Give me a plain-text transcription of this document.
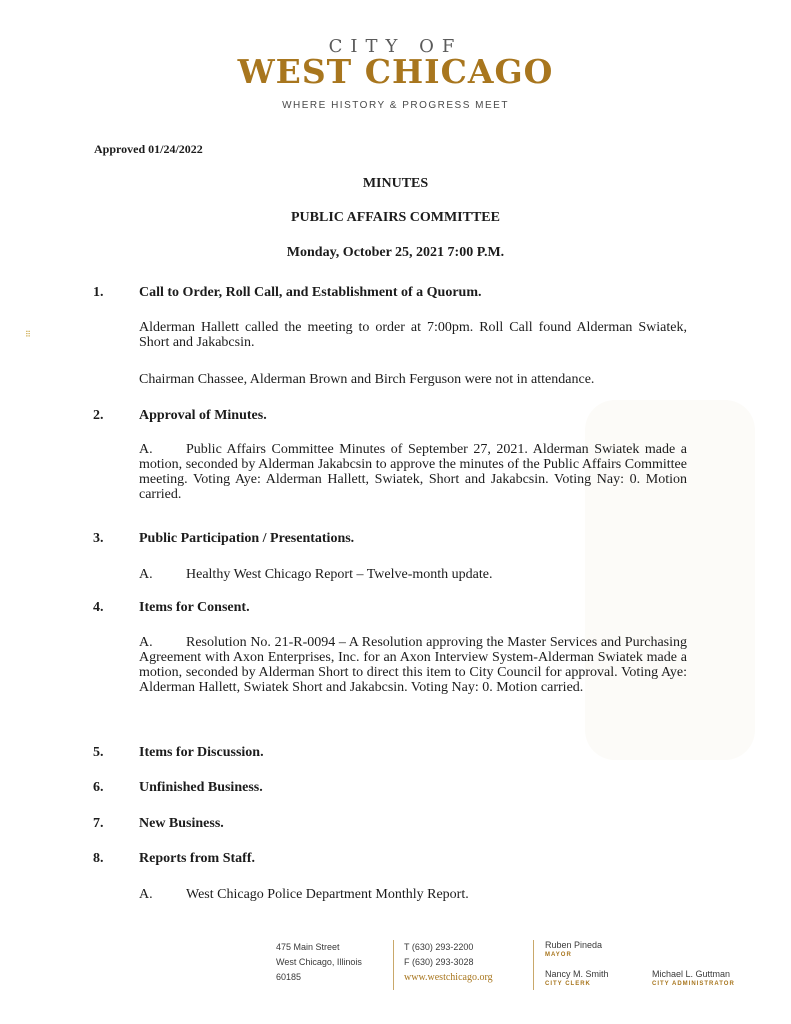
⠿
CITY OF
WEST CHICAGO
WHERE HISTORY & PROGRESS MEET
Approved 01/24/2022
MINUTES
PUBLIC AFFAIRS COMMITTEE
Monday, October 25, 2021 7:00 P.M.
1.	Call to Order, Roll Call, and Establishment of a Quorum.
Alderman Hallett called the meeting to order at 7:00pm. Roll Call found Alderman Swiatek, Short and Jakabcsin.
Chairman Chassee, Alderman Brown and Birch Ferguson were not in attendance.
2.	Approval of Minutes.
A. Public Affairs Committee Minutes of September 27, 2021. Alderman Swiatek made a motion, seconded by Alderman Jakabcsin to approve the minutes of the Public Affairs Committee meeting. Voting Aye: Alderman Hallett, Swiatek, Short and Jakabcsin. Voting Nay: 0. Motion carried.
3.	Public Participation / Presentations.
A. Healthy West Chicago Report – Twelve-month update.
4.	Items for Consent.
A. Resolution No. 21-R-0094 – A Resolution approving the Master Services and Purchasing Agreement with Axon Enterprises, Inc. for an Axon Interview System-Alderman Swiatek made a motion, seconded by Alderman Short to direct this item to City Council for approval. Voting Aye: Alderman Hallett, Swiatek Short and Jakabcsin. Voting Nay: 0. Motion carried.
5.	Items for Discussion.
6.	Unfinished Business.
7.	New Business.
8.	Reports from Staff.
A. West Chicago Police Department Monthly Report.
475 Main Street
West Chicago, Illinois
60185
T (630) 293-2200
F (630) 293-3028
www.westchicago.org
Ruben Pineda
MAYOR
Nancy M. Smith
CITY CLERK
Michael L. Guttman
CITY ADMINISTRATOR
